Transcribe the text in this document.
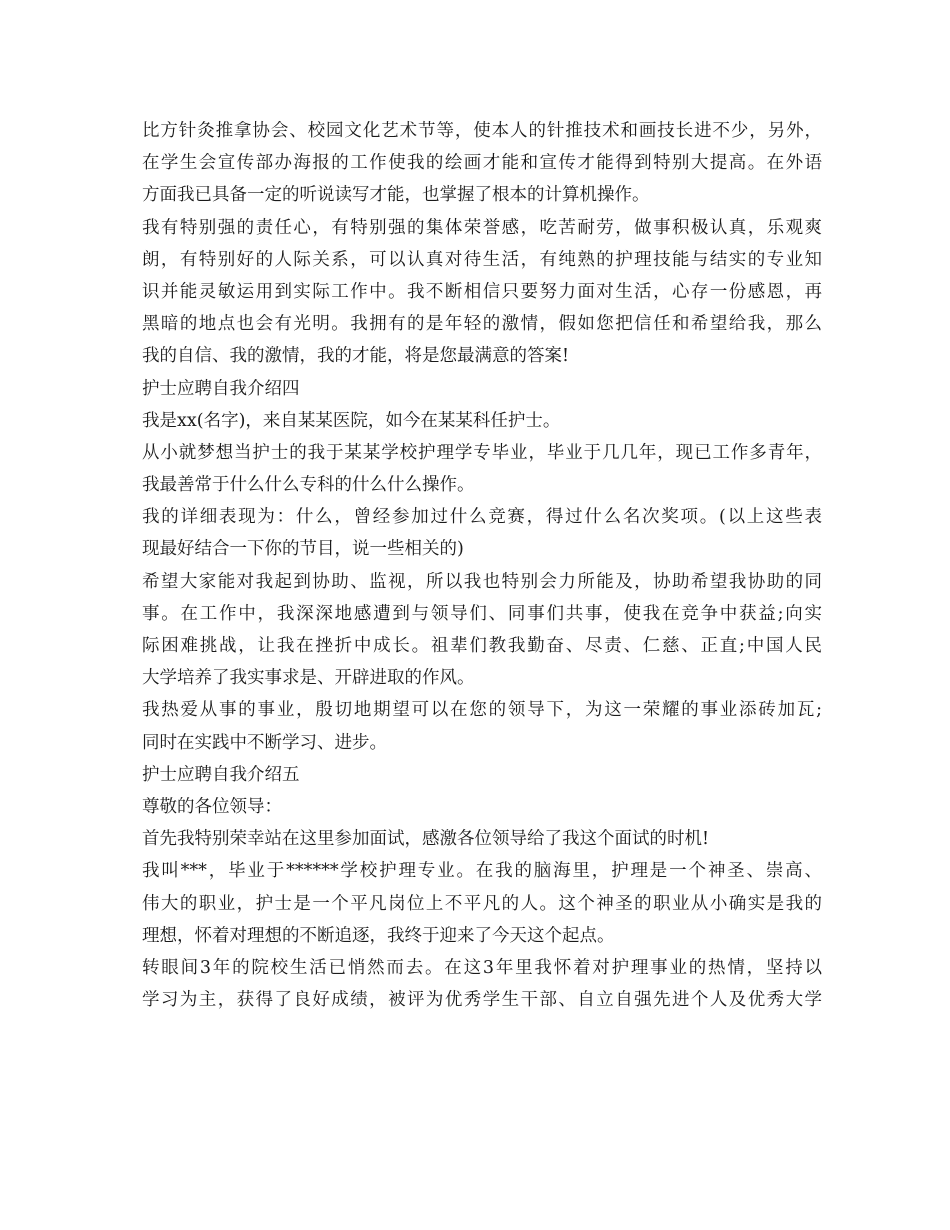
比方针灸推拿协会、校园文化艺术节等，使本人的针推技术和画技长进不少，另外，
在学生会宣传部办海报的工作使我的绘画才能和宣传才能得到特别大提高。在外语
方面我已具备一定的听说读写才能，也掌握了根本的计算机操作。
我有特别强的责任心，有特别强的集体荣誉感，吃苦耐劳，做事积极认真，乐观爽
朗，有特别好的人际关系，可以认真对待生活，有纯熟的护理技能与结实的专业知
识并能灵敏运用到实际工作中。我不断相信只要努力面对生活，心存一份感恩，再
黑暗的地点也会有光明。我拥有的是年轻的激情，假如您把信任和希望给我，那么
我的自信、我的激情，我的才能，将是您最满意的答案!
护士应聘自我介绍四
我是xx(名字)，来自某某医院，如今在某某科任护士。
从小就梦想当护士的我于某某学校护理学专毕业，毕业于几几年，现已工作多青年，
我最善常于什么什么专科的什么什么操作。
我的详细表现为：什么，曾经参加过什么竞赛，得过什么名次奖项。(以上这些表
现最好结合一下你的节目，说一些相关的)
希望大家能对我起到协助、监视，所以我也特别会力所能及，协助希望我协助的同
事。在工作中，我深深地感遭到与领导们、同事们共事，使我在竞争中获益;向实
际困难挑战，让我在挫折中成长。祖辈们教我勤奋、尽责、仁慈、正直;中国人民
大学培养了我实事求是、开辟进取的作风。
我热爱从事的事业，殷切地期望可以在您的领导下，为这一荣耀的事业添砖加瓦;
同时在实践中不断学习、进步。
护士应聘自我介绍五
尊敬的各位领导：
首先我特别荣幸站在这里参加面试，感激各位领导给了我这个面试的时机!
我叫***，毕业于******学校护理专业。在我的脑海里，护理是一个神圣、崇高、
伟大的职业，护士是一个平凡岗位上不平凡的人。这个神圣的职业从小确实是我的
理想，怀着对理想的不断追逐，我终于迎来了今天这个起点。
转眼间3年的院校生活已悄然而去。在这3年里我怀着对护理事业的热情，坚持以
学习为主，获得了良好成绩，被评为优秀学生干部、自立自强先进个人及优秀大学
